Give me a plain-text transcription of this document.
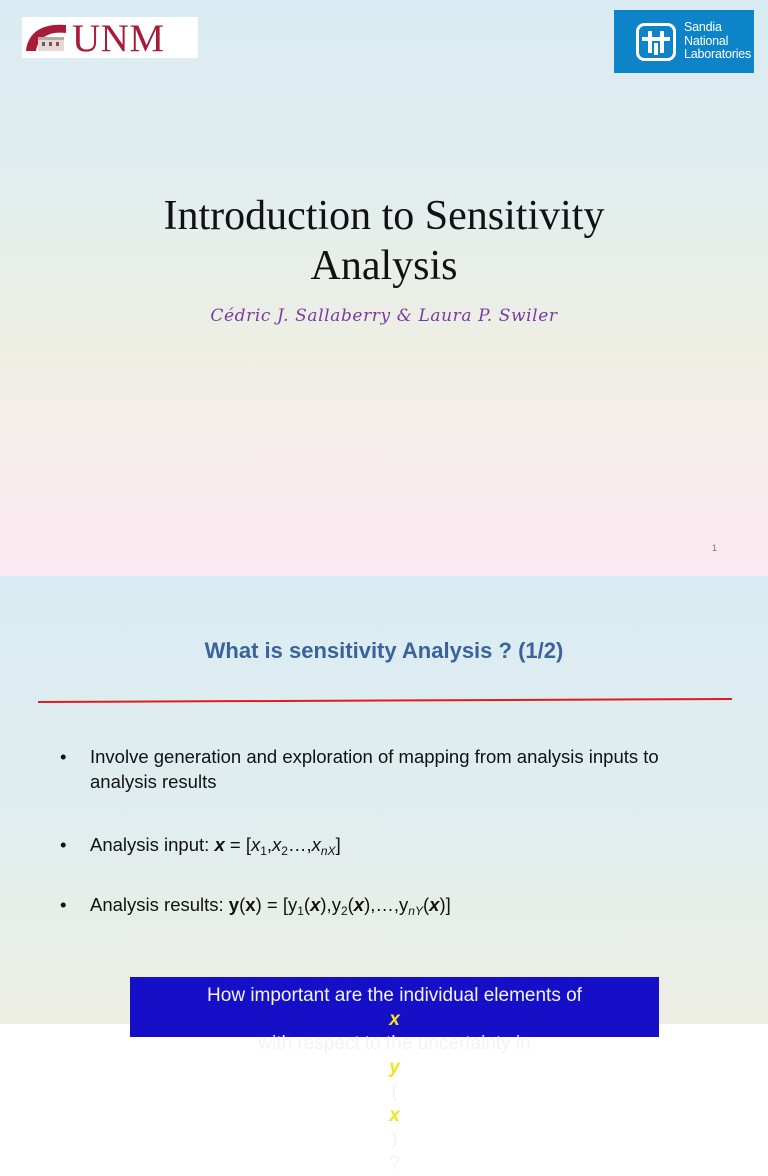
UNM	Sandia
National
Laboratories
Introduction to Sensitivity
Analysis
Cédric J. Sallaberry & Laura P. Swiler
1
What is sensitivity Analysis ? (1/2)
• Involve generation and exploration of mapping from analysis inputs to analysis results
• Analysis input: $x = [x_1,x_2\dots,x_{nX}]$
• Analysis results: $y(x) = [y_1(x),y_2(x),\dots,y_{nY}(x)]$
How important are the individual elements of
x
with respect to the uncertainty in
y
(
x
)
?
